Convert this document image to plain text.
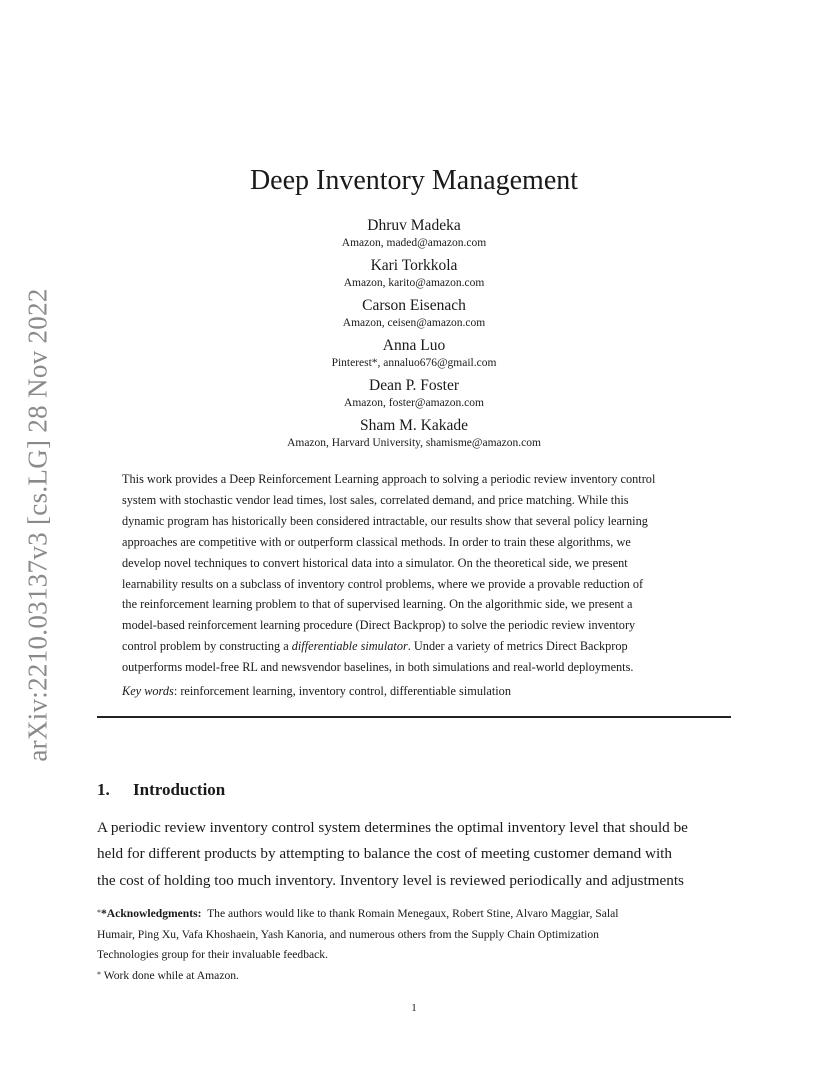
arXiv:2210.03137v3 [cs.LG] 28 Nov 2022
Deep Inventory Management
Dhruv Madeka
Amazon, maded@amazon.com
Kari Torkkola
Amazon, karito@amazon.com
Carson Eisenach
Amazon, ceisen@amazon.com
Anna Luo
Pinterest*, annaluo676@gmail.com
Dean P. Foster
Amazon, foster@amazon.com
Sham M. Kakade
Amazon, Harvard University, shamisme@amazon.com
This work provides a Deep Reinforcement Learning approach to solving a periodic review inventory control
system with stochastic vendor lead times, lost sales, correlated demand, and price matching. While this
dynamic program has historically been considered intractable, our results show that several policy learning
approaches are competitive with or outperform classical methods. In order to train these algorithms, we
develop novel techniques to convert historical data into a simulator. On the theoretical side, we present
learnability results on a subclass of inventory control problems, where we provide a provable reduction of
the reinforcement learning problem to that of supervised learning. On the algorithmic side, we present a
model-based reinforcement learning procedure (Direct Backprop) to solve the periodic review inventory
control problem by constructing a differentiable simulator. Under a variety of metrics Direct Backprop
outperforms model-free RL and newsvendor baselines, in both simulations and real-world deployments.
Key words: reinforcement learning, inventory control, differentiable simulation
1. Introduction
A periodic review inventory control system determines the optimal inventory level that should be
held for different products by attempting to balance the cost of meeting customer demand with
the cost of holding too much inventory. Inventory level is reviewed periodically and adjustments
**Acknowledgments: The authors would like to thank Romain Menegaux, Robert Stine, Alvaro Maggiar, Salal
Humair, Ping Xu, Vafa Khoshaein, Yash Kanoria, and numerous others from the Supply Chain Optimization
Technologies group for their invaluable feedback.
* Work done while at Amazon.
1
